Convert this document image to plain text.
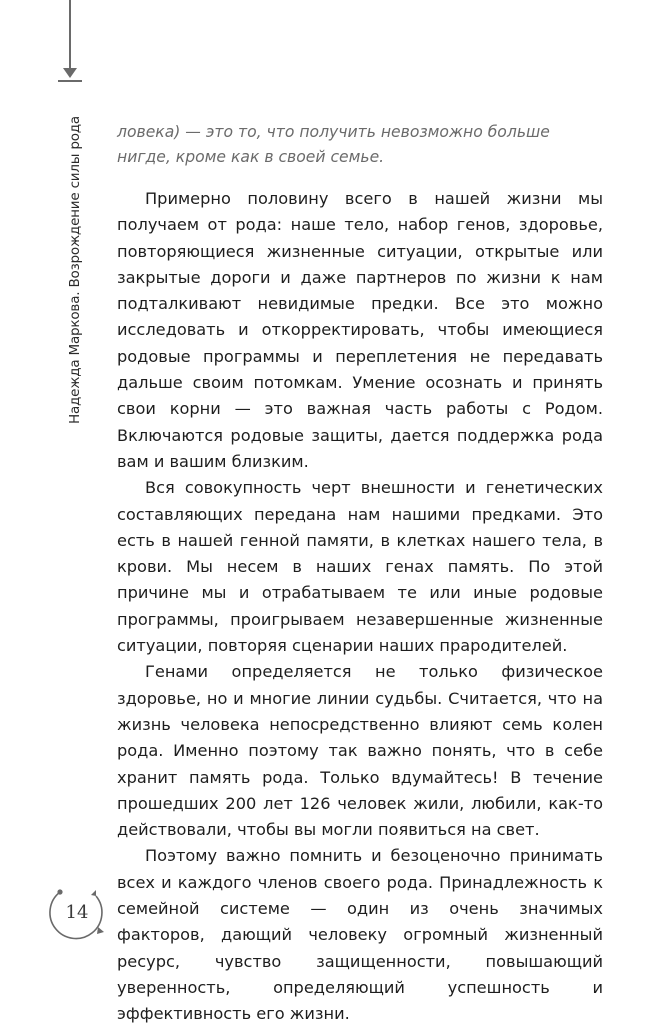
Надежда Маркова. Возрождение силы рода ловека) — это то, что получить невозможно больше нигде, кроме как в своей семье.

Примерно половину всего в нашей жизни мы получаем от рода: наше тело, набор генов, здоровье, повторяющиеся жизненные ситуации, открытые или закрытые дороги и даже партнеров по жизни к нам подталкивают невидимые предки. Все это можно исследовать и откорректировать, чтобы имеющиеся родовые программы и переплетения не передавать дальше своим потомкам. Умение осознать и принять свои корни — это важная часть работы с Родом. Включаются родовые защиты, дается поддержка рода вам и вашим близким.

Вся совокупность черт внешности и генетических составляющих передана нам нашими предками. Это есть в нашей генной памяти, в клетках нашего тела, в крови. Мы несем в наших генах память. По этой причине мы и отрабатываем те или иные родовые программы, проигрываем незавершенные жизненные ситуации, повторяя сценарии наших прародителей.

Генами определяется не только физическое здоровье, но и многие линии судьбы. Считается, что на жизнь человека непосредственно влияют семь колен рода. Именно поэтому так важно понять, что в себе хранит память рода. Только вдумайтесь! В течение прошедших 200 лет 126 человек жили, любили, как-то действовали, чтобы вы могли появиться на свет.

Поэтому важно помнить и безоценочно принимать всех и каждого членов своего рода. Принадлежность к семейной системе — один из очень значимых факторов, дающий человеку огромный жизненный ресурс, чувство защищенности, повышающий уверенность, определяющий успешность и эффективность его жизни.

14
